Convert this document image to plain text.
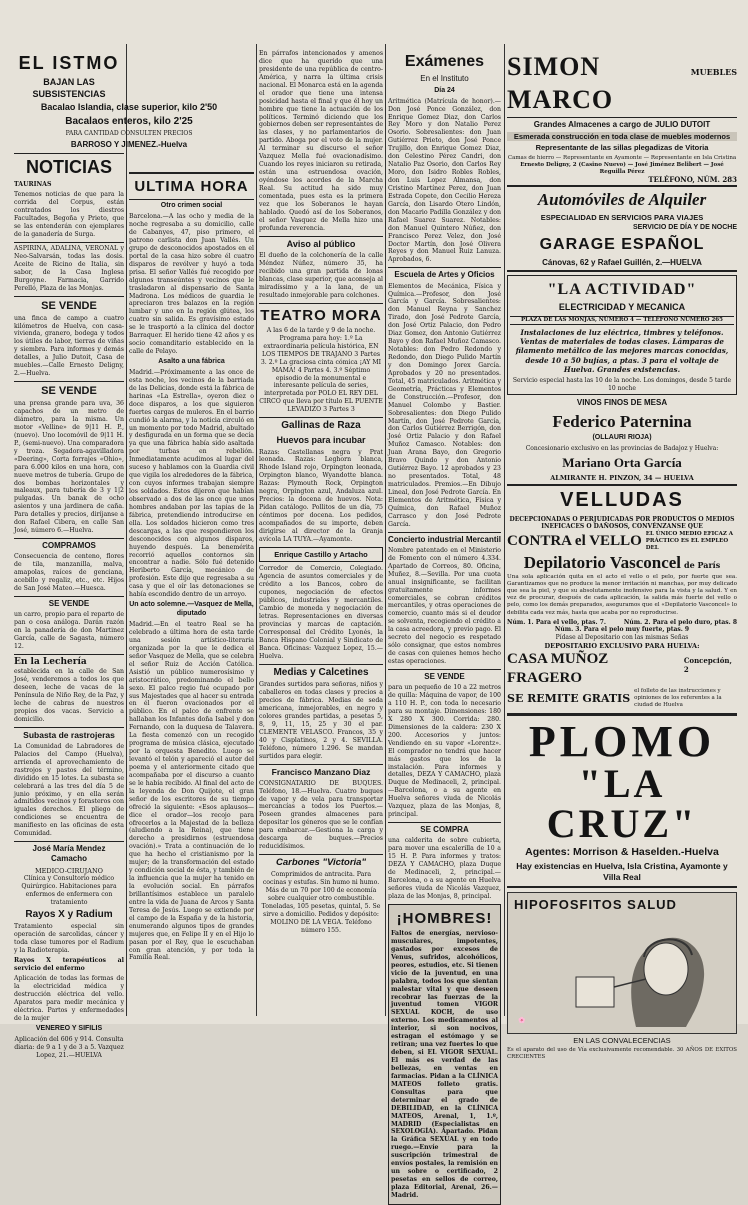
EL ISTMO
BAJAN LAS SUBSISTENCIAS
Bacalao Islandia, clase superior, kilo 2'50
Bacalaos enteros, kilo 2'25
PARA CANTIDAD CONSULTEN PRECIOS
BARROSO Y JIMENEZ.-Huelva
NOTICIAS

TAURINAS

Tenemos noticias de que para la corrida del Corpus, están contratados los diestros Facultades, Begoña y Prieto, que se las entenderán con ejemplares de la ganadería de Surga.

ASPIRINA, ADALINA, VERONAL y Neo-Salvarsán, todas las dosis. Aceite de Ricino de Italia, sin sabor, de la Casa Inglesa Burgoyne. Farmacia, Garrido Perelló, Plaza de las Monjas.

SE VENDE

una finca de campo a cuatro kilómetros de Huelva, con casa-vivienda, granero, bodega y todos los útiles de labor, tierras de viñas y siembra. Para informes y demás detalles, a Julio Dutoit, Casa de muebles.—Calle Ernesto Deligny, 2.—Huelva.

SE VENDE

una prensa grande para uva, 36 capachos de un metro de diámetro, para la misma. Un motor «Velline» de 9|11 H. P., (nuevo). Uno locomóvil de 9|11 H. P., (semi-nuevo). Una comparadora y troza. Segadora-agavilladora «Deering», Corta forrajes «Ohio», para 6.000 kilos en una hora, con nueve metros de tubería. Grupo de dos bombas horizontales y maleaux, para tubería de 3 y 1|2 pulgadas. Un banak de ocho asientos y una jardinera de caña. Para detalles y precios, diríjanse a don Rafael Cibera, en calle San José, número 6.—Huelva.

COMPRAMOS

Consecuencia de centeno, flores de tila, manzanilla, malva, amapolas, raíces de genciana, acebillo y regaliz, etc., etc. Hijos de San José Mateo.—Huesca.

SE VENDE

un carro, propio para el reparto de pan o cosa análoga. Darán razón en la panadería de don Martinez García, calle de Sagasta, número 12.

En la Lechería

establecida en la calle de San José, venderemos a todos los que deseen, leche de vacas de la Península de Niño Rey, de la Paz, y leche de cabras de nuestros propios dos vacas. Servicio a domicilio.

Subasta de rastrojeras

La Comunidad de Labradores de Palacios del Campo (Huelva), arrienda el aprovechamiento de rastrojos y pastos del término, dividido en 15 lotes. La subasta se celebrará a las tres del día 5 de junio próximo, y en ella serán admitidos vecinos y forasteros con iguales derechos. El pliego de condiciones se encuentra de manifiesto en las oficinas de esta Comunidad.

José María Mendez Camacho
MEDICO-CIRUJANO

Clínica y Consultorio médico Quirúrgico. Habitaciones para enfermos de enfermera con tratamiento

Rayos X y Radium

Tratamiento especial sin operación de sarcolidas, cáncer y toda clase tumores por el Radium y la Radioterapia.

Rayos X terapéuticos al servicio del enfermo

Aplicación de todas las formas de la electricidad médica y destrucción eléctrica del vello. Aparatos para medir mecánica y eléctrica. Partos y enfermedades de la mujer

VENEREO Y SIFILIS

Aplicación del 606 y 914. Consulta diaria: de 9 a 1 y de 3 a 5. Vazquez Lopez, 21.—HUELVA

ULTIMA HORA
Otro crimen social

Barcelona.—A las ocho y media de la noche regresaba a su domicilio, calle de Cabanyes, 47, piso primero, el patrono carlista don Juan Vallés. Un grupo de desconocidos apostados en el portal de la casa hizo sobre él cuatro disparos de revólver y huyó a toda prisa. El señor Vallés fué recogido por algunos transeúntes y vecinos que le trasladaron al dispensario de Santa Madrona. Los médicos de guardia le apreciaron tres balazos en la región lumbar y uno en la región glútea, los cuatro sin salida. Es gravísimo estado se le trasportó a la clínica del doctor Barraquer. El herido tiene 42 años y es socio comanditario establecido en la calle de Pelayo.

Asalto a una fábrica

Madrid.—Próximamente a las once de esta noche, los vecinos de la barriada de las Delicias, donde está la fábrica de harinas «La Estrella», oyeron diez o doce disparos, a los que siguieron fuertes cargas de muleros. En el barrio cundió la alarma, y la noticia circuló en un momento por todo Madrid, abultado y desfigurada en un forma que se decía ya que una fábrica había sido asaltada por turbas en rebelión. Inmediatamente acudimos al lugar del suceso y hablamos con la Guardia civil que vigila los alrededores de la fábrica, con cuyos informes trabajan siempre los soldados. Estos dijeron que habían observado a dos de las once que unos hombres andaban por las tapias de la fábrica, pretendiendo introducirse en ella. Los soldados hicieron como tres descargas, a las que respondieron los desconocidos con algunos disparos, huyendo después. La benemérita recorrió aquellos contornos sin encontrar a nadie. Sólo fué detenido Heriberto García, mecánico de profesión. Este dijo que regresaba a su casa y que el oír las detonaciones se había escondido dentro de un arroyo.

Un acto solemne.—Vasquez de Mella, diputado

Madrid.—En el teatro Real se ha celebrado a última hora de esta tarde una sesión artístico-literaria organizada por la que le dedica el señor Vasquez de Mella, que se celebra el señor Ruiz de Acción Católica. Asistió un público numerosísimo y aristocrático, predominando el bello sexo. El palco regio fué ocupado por sus Majestades que al hacer su entrada en él fueron ovacionados por el público. En el palco de enfrente se hallaban los Infantes doña Isabel y don Fernando, con la duquesa de Talavera. La fiesta comenzó con un recogido programa de música clásica, ejecutado por la orquesta Benedito. Luego se levantó el telón y apareció el autor del poema y el anteriormente citado que acompañaba por el discurso a cuanto se le había recibido. Al final del acto de la leyenda de Don Quijote, el gran señor de los escritores de su tiempo ofreció la siguiente: «Esos aplausos—dice el orador—los recojo para ofrecerlos a la Majestad de la belleza (aludiendo a la Reina), que tiene derecho a presidirnos (estruendosa ovación).» Trata a continuación de lo que ha hecho el cristianismo por la mujer; de la transformación del estado y condición social de ésta, y también de la influencia que la mujer ha tenido en la evolución social. En párrafos brillantísimos establece un paralelo entre la vida de Juana de Arcos y Santa Teresa de Jesús. Luego se extiende por el campo de la España y de la historia, enumerando algunos tipos de grandes mujeres que, en Felipe II y en el Hijo lo pasan por el Rey, que le escuchaban con gran atención, y por toda la Familia Real.

En párrafos intencionados y amenos dice que ha querido que una presidente de una república de centro-América, y narra la última crisis nacional. El Monarca está en la agenda el orador que tiene una intensa posicidad hasta el final y que él hoy un hombre que tiene la actuación de los políticos. Terminó diciendo que los gobiernos deben ser representantes de las clases, y no parlamentarios de partido. Aboga por el voto de la mujer. Al terminar su discurso el señor Vazquez Mella fué ovacionadísimo. Cuando los reyes iniciaron su retirada, están una estruendosa ovación, oyéndose los acordes de la Marcha Real. Su actitud ha sido muy comentada, pues esta es la primera vez que los Soberanos le hayan hablado. Quedó así de los Soberanos, el señor Vasquez de Mella hizo una profunda reverencia.

Aviso al público

El dueño de la colchonería de la calle Méndez Núñez, número 35, ha recibido una gran partida de lonas blancas, clase superior, que aconseja al miradíssimo y a la lana, de un resultado inmejorable para colchones.

TEATRO MORA

A las 6 de la tarde y 9 de la noche. Programa para hoy: 1.º La extraordinaria película histórica, EN LOS TIEMPOS DE TRAJANO 3 Partes 3. 2.º La graciosa cinta cómica ¡AY MI MAMA! 4 Partes 4. 3.º Séptimo episodio de la monumental e interesante película de series, interpretada por POLO EL REY DEL CIRCO que lleva por título EL PUENTE LEVADIZO 3 Partes 3

Gallinas de Raza
Huevos para incubar

Razas: Castellanas negra y Prat leonada. Razas: Leghorn blanca, Rhode Island rojo, Orpington leonada, Orpington blanco, Wyandotte blanca. Razas: Plymouth Rock, Orpington negra, Orpington azul, Andaluza azul. Precios: la docena de huevos. Nota: Pidan catálogo. Pollitos de un día, 75 céntimos por docena. Los pedidos, acompañados de su importe, deben dirigirse al director de la Granja avícola LA TUYA.—Ayamonte.

Enrique Castillo y Artacho

Corredor de Comercio, Colegiado. Agencia de asuntos comerciales y de crédito a los Bancos, cobro de cupones, negociación de efectos públicos, industriales y mercantiles. Cambio de moneda y negociación de letras. Representaciones en diversas provincias y marcas de captación. Corresponsal del Crédito Lyonés, la Banca Hispano Colonial y Sindicato de Banca. Oficinas: Vazquez Lopez, 15.—Huelva.

Medias y Calcetines

Grandes surtidos para señoras, niños y caballeros en todas clases y precios a precios de fábrica. Medias de seda americana, inmejorables, en negro y colores grandes partidas, a pesetas 5, 8, 9, 11, 15, 25 y 30 el par. CLEMENTE VELASCO. Francos, 35 y 40 y Cisplatinos, 2 y 4. SEVILLA. Teléfono, número 1.296. Se mandan surtidos para elegir.

Francisco Manzano Diaz

CONSIGNATARIO DE BUQUES. Teléfono, 18.—Huelva. Cuatro buques de vapor y de vela para transportar mercancías a todos los Puertos.—Poseen grandes almacenes para depositar los géneros que se le confían para embarcar.—Gestiona la carga y descarga de buques.—Precios reducidísimos.

Carbones "Victoria"

Comprimidos de antracita. Para cocinas y estufas. Sin humo ni humo. Más de un 70 por 100 de economía sobre cualquier otro combustible. Toneladas, 105 pesetas, quintal, 5. Se sirve a domicilio. Pedidos y depósito: MOLINO DE LA VEGA. Teléfono número 155.

Exámenes
En el Instituto
Día 24

Aritmética (Matrícula de honor).—Don José Ponce González, don Enrique Gomez Diaz, don Carlos Rey Moro y don Natalio Perez Osorio. Sobresalientes: don Juan Gutiérrez Prieto, don José Ponce Trujillo, don Enrique Gomez Diaz, don Celestino Pérez Candri, don Natalio Paz Osorio, don Carlos Rey Moro, don Isidro Robles Robles, don Luis Lopez Almansa, don Cristino Martínez Perez, don Juan Estrada Copete, don Cecilio Hereza García, don Lisardo Otero Lindón, don Macario Padilla González y don Rafael Suarez Suarez. Notables: don Manuel Quintero Núñez, don Francisco Perez Velez, don José Doctor Martín, don José Olivera Reyes y don Manuel Ruiz Lanuza. Aprobados, 6.

Escuela de Artes y Oficios

Elementos de Mecánica, Física y Química.—Profesor, don José García y García. Sobresalientes: don Manuel Reyna y Sanchez Tirado, don José Pedrote García, don José Ortiz Palacio, don Pedro Diaz Gomez, don Antonio Gutiérrez Bayo y don Rafael Muñoz Camasco. Notables: don Pedro Redondo y Redondo, don Diego Pulido Martín y don Domingo Jorex García. Aprobados y 20 no presentados. Total, 45 matriculados. Aritmética y Geometría, Prácticas y Elementos de Construcción.—Profesor, don Manuel Colombo y Bastier. Sobresalientes: don Diego Pulido Martín, don José Pedrote García, don Carlos Gutiérrez Berrigón, don José Ortiz Palacio y don Rafael Muñoz Camasco. Notables: don Juan Arana Bayo, don Gregorio Bravo Quindo y don Antonio Gutiérrez Bayo. 12 aprobados y 23 no presentados. Total, 48 matriculados. Premios.—En Dibujo Lineal, don José Pedrote García. En Elementos de Aritmética, Física y Química, don Rafael Muñoz Carrasco y don José Pedrote García.

Concierto industrial Mercantil

Nombre patentado en el Ministerio de Fomento con el número 4.334. Apartado de Correos, 80. Oficina, Muñez, 8.—Sevilla. Por una cuota anual insignificante, se facilitan gratuitamente informes comerciales, se cobran créditos mercantiles, y otras operaciones de comercio, cuanto más si el deudor se solventa, recogiendo el crédito a la casa acreedora, y previo pago. El secreto del negocio es respetado sólo consignar, que estos nombres de casas con quienes hemos hecho estas operaciones.

SE VENDE

para un pequeño de 10 a 22 metros de quilla: Máquina de vapor, de 100 a 110 H. P., con toda lo necesario para su montaje. Dimensiones: 180 X 280 X 300. Corrida: 280. Dimensiones de la caldera: 230 X 200. Accesorios y juntos: Vendiendo en su vapor «Lorentz». El comprador no tendrá que hacer más gastos que los de la instalación. Para informes y detalles, DEZA Y CAMACHO, plaza Duque de Medinaceli, 2, principal.—Barcelona, o a su agente en Huelva señores viuda de Nicolás Vazquez, plaza de las Monjas, 8, principal.

SE COMPRA

una calderita de sobre cubierta, para mover una escalerilla de 10 a 15 H. P. Para informes y tratos: DEZA Y CAMACHO, plaza Duque de Medinaceli, 2, principal.—Barcelona, o a su agente en Huelva señores viuda de Nicolás Vazquez, plaza de las Monjas, 8, principal.

¡HOMBRES!

Faltos de energías, nervioso-musculares, impotentes, gastados por excesos de Venus, sufridos, alcohólicos, peores, estudios, etc. Si tienen vicio de la juventud, en una palabra, todos los que sientan malestar vital y que deseen recobrar las fuerzas de la juventud tomen VIGOR SEXUAL KOCH, de uso externo. Los medicamentos al interior, si son nocivos, estragan el estómago y se retiran; una vez fuertes lo que deben, si EL VIGOR SEXUAL. El más es verdad de las bellezas, en ventas en farmacias. Pidan a la CLÍNICA MATEOS folleto gratis. Consultas para que determinar el grado de DEBILIDAD, en la CLÍNICA MATEOS, Arenal, 1, 1.º, MADRID (Especialistas en SEXOLOGÍA). Apartado. Pidan la Gráfica SEXUAL y en todo ruego.—Envíe para la suscripción trimestral de envíos postales, la remisión en un sobre o certificado, 2 pesetas en sellos de correo, plaza Editorial, Arenal, 26.—Madrid.

SIMON MARCO
MUEBLES
Grandes Almacenes a cargo de JULIO DUTOIT
Esmerada construcción en toda clase de muebles modernos
Representante de las sillas plegadizas de Vitoria
Camas de hierro — Representante en Ayamonte — Representante en Isla Cristina
Ernesto Deligny, 2 (Casino Nuevo) — José Jiménez Belibert — José Reguilla Pérez
TELÉFONO, NÚM. 283
Automóviles de Alquiler
ESPECIALIDAD EN SERVICIOS PARA VIAJES
SERVICIO DE DÍA Y DE NOCHE
GARAGE ESPAÑOL
Cánovas, 62 y Rafael Guillén, 2.—HUELVA
"LA ACTIVIDAD"
ELECTRICIDAD Y MECANICA
PLAZA DE LAS MONJAS, NÚMERO 4 — TELÉFONO NÚMERO 265

Instalaciones de luz eléctrica, timbres y teléfonos. Ventas de materiales de todas clases. Lámparas de filamento metálico de las mejores marcas conocidas, desde 10 a 50 bujías, a ptas. 3 para el voltaje de Huelva. Grandes existencias.

Servicio especial hasta las 10 de la noche. Los domingos, desde 5 tarde 10 noche
VINOS FINOS DE MESA
Federico Paternina
(OLLAURI RIOJA)
Concesionario exclusivo en las provincias de Badajoz y Huelva:
Mariano Orta García
ALMIRANTE H. PINZON, 34 — HUELVA
VELLUDAS
DECEPCIONADAS O PERJUDICADAS POR PRODUCTOS O MEDIOS INEFICACES O DAÑOSOS, CONVÉNZANSE QUE
CONTRA el VELLO EL ÚNICO MEDIO EFICAZ A PRÁCTICO ES EL EMPLEO DEL
Depilatorio Vasconcel de París

Una sola aplicación quita en el acto el vello o el pelo, por fuerte que sea. Garantizamos que no produce la menor irritación ni manchas, por muy delicado que sea la piel, y que su absolutamente inofensivo para la vista y la salud. Y en vez de procurar, después de cada aplicación, la salida más fuerte del vello o pelo, como los demás preparados, aseguramos que el «Depilatorio Vasconcel» lo debilita cada vez más, hasta que acaba por no reproducirse.

Núm. 1. Para el vello, ptas. 7.	Núm. 2. Para el pelo duro, ptas. 8
Núm. 3. Para el pelo muy fuerte, ptas. 9
Pídase al Depositario con las mismas Señas
DEPOSITARIO EXCLUSIVO PARA HUELVA:
CASA MUÑOZ FRAGERO
Concepción, 2
SE REMITE GRATIS
el folleto de las instrucciones y opiniones de los referentes a la ciudad de Huelva
PLOMO
"LA CRUZ"
Agentes: Morrison & Haselden.-Huelva
Hay existencias en Huelva, Isla Cristina, Ayamonte y Villa Real
HIPOFOSFITOS SALUD
🌸
EN LAS CONVALECENCIAS

Es el aparato del uso de Vía exclusivamente recomendable. 30 AÑOS DE EXITOS CRECIENTES
